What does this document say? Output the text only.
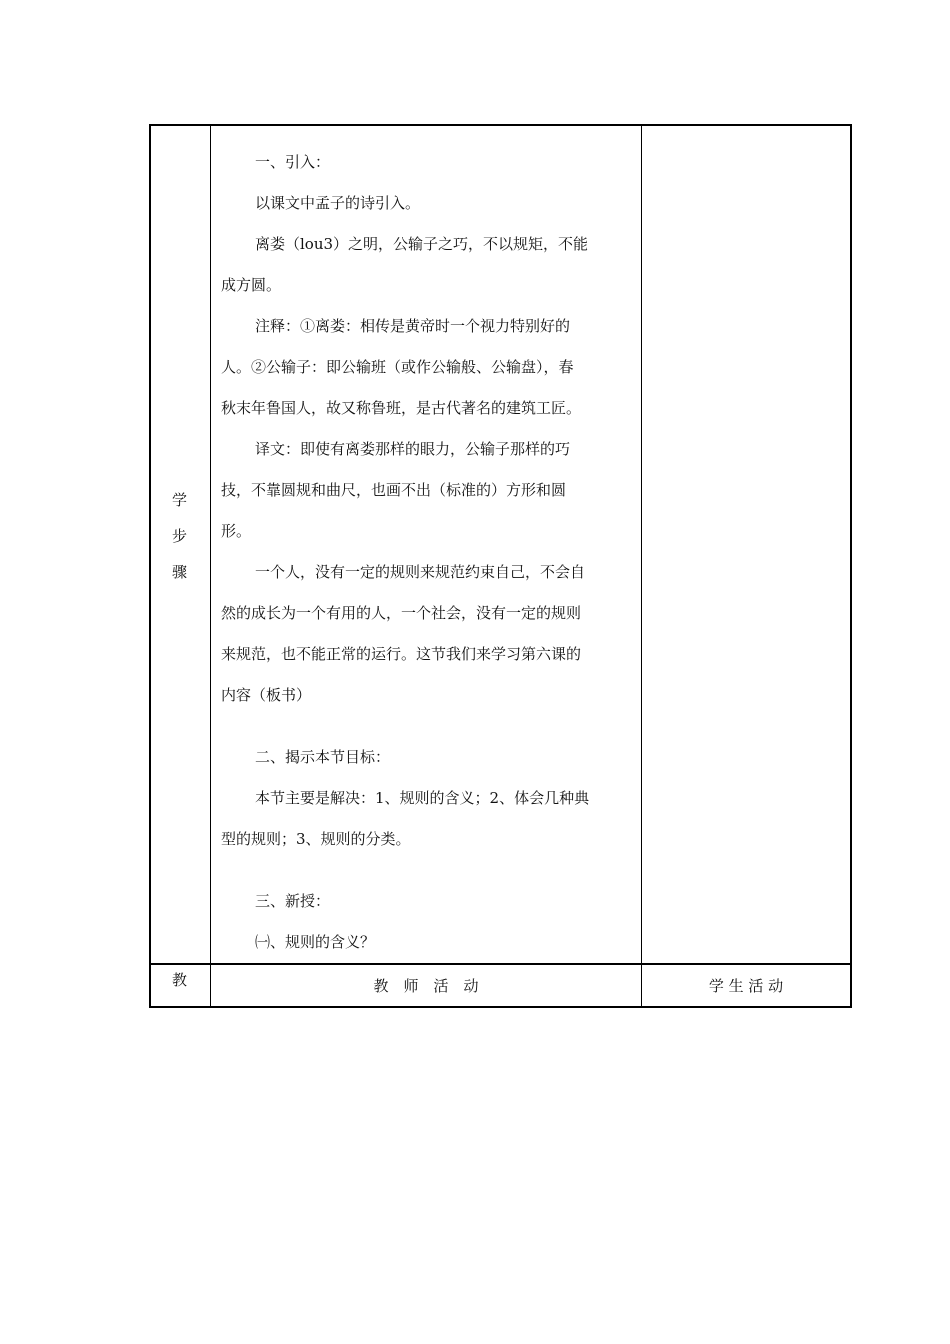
学
步
骤

一、引入：

以课文中孟子的诗引入。

离娄（lou3）之明，公输子之巧，不以规矩，不能

成方圆。

注释：①离娄：相传是黄帝时一个视力特别好的

人。②公输子：即公输班（或作公输般、公输盘），春

秋末年鲁国人，故又称鲁班，是古代著名的建筑工匠。

译文：即使有离娄那样的眼力，公输子那样的巧

技，不靠圆规和曲尺，也画不出（标准的）方形和圆

形。

一个人，没有一定的规则来规范约束自己，不会自

然的成长为一个有用的人，一个社会，没有一定的规则

来规范，也不能正常的运行。这节我们来学习第六课的

内容（板书）

二、揭示本节目标：

本节主要是解决：1、规则的含义；2、体会几种典

型的规则；3、规则的分类。

三、新授：

㈠、规则的含义？

教	教　师　活　动	学 生 活 动
